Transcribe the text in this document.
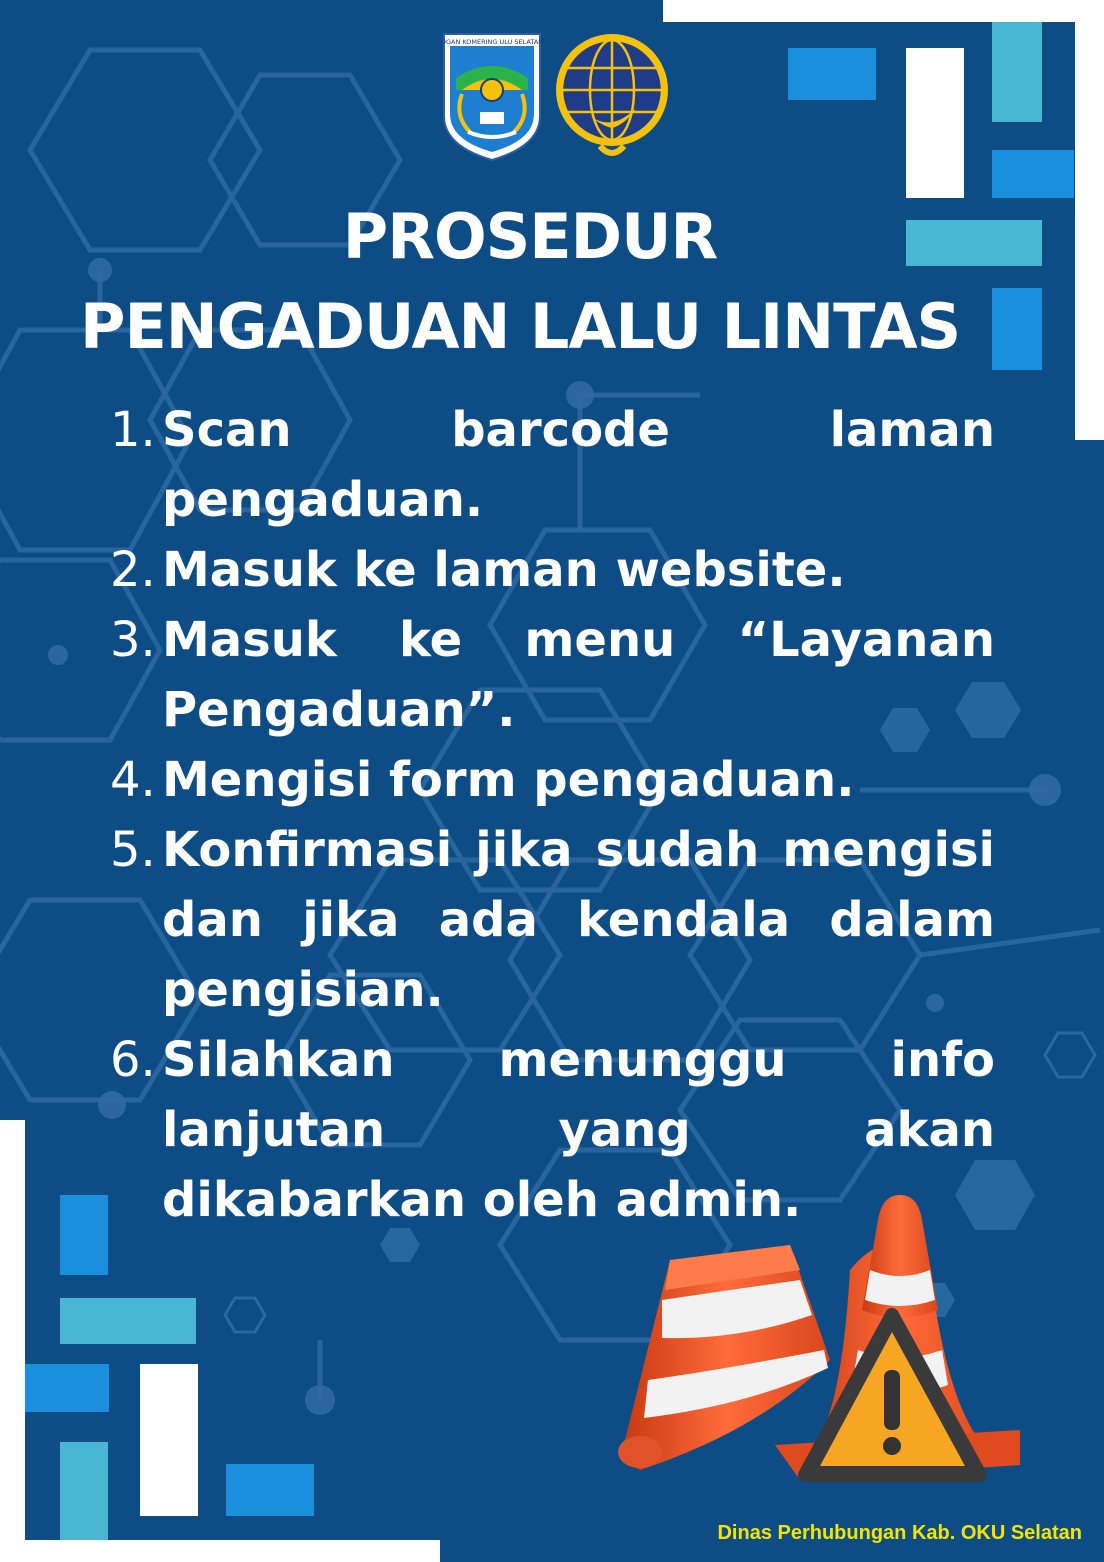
OGAN KOMERING ULU SELATAN
PROSEDUR
PENGADUAN LALU LINTAS
1. Scan barcode laman pengaduan.
2. Masuk ke laman website.
3. Masuk ke menu “Layanan Pengaduan”.
4. Mengisi form pengaduan.
5. Konfirmasi jika sudah mengisi dan jika ada kendala dalam pengisian.
6. Silahkan menunggu info lanjutan yang akan dikabarkan oleh admin.
Dinas Perhubungan Kab. OKU Selatan
